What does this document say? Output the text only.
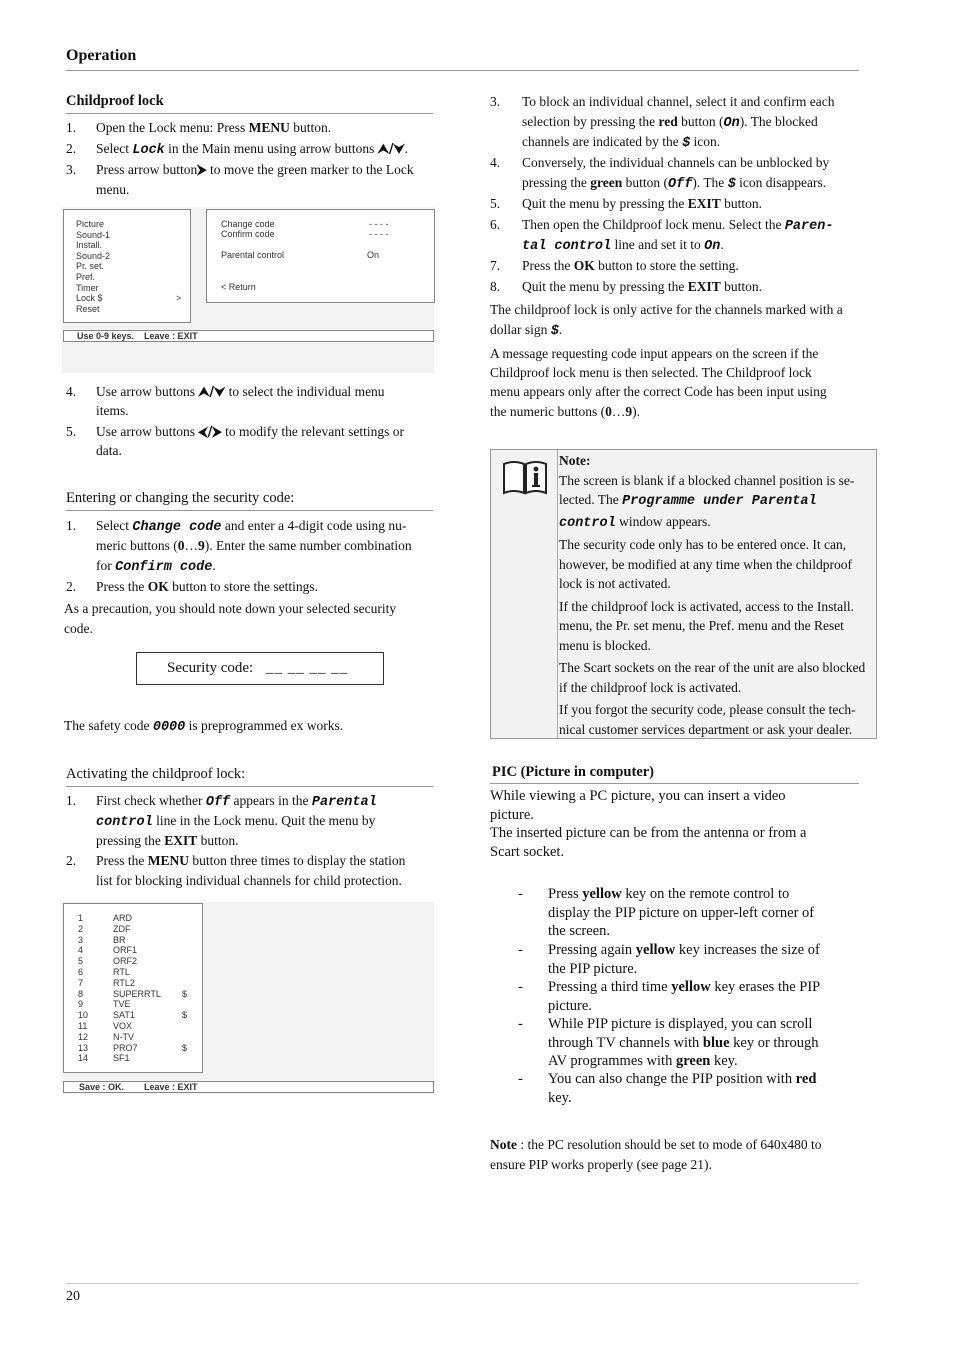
Operation
Childproof lock
1. Open the Lock menu: Press MENU button.
2. Select Lock in the Main menu using arrow buttons ⮝/⮟.
3. Press arrow button⮞ to move the green marker to the Lock
menu.
Picture
Sound-1
Install.
Sound-2
Pr. set.
Pref.
Timer
Lock $
Reset
>
Change code	- - - -
Confirm code	- - - -
Parental control	On
< Return
Use 0-9 keys.    Leave : EXIT
4. Use arrow buttons ⮝/⮟ to select the individual menu
items.
5. Use arrow buttons ⮜/⮞ to modify the relevant settings or
data.
Entering or changing the security code:
1. Select Change code and enter a 4-digit code using nu-
meric buttons (0…9). Enter the same number combination
for Confirm code.
2. Press the OK button to store the settings.
As a precaution, you should note down your selected security
code.
Security code: __ __ __ __
The safety code 0000 is preprogrammed ex works.
Activating the childproof lock:
1. First check whether Off appears in the Parental
control line in the Lock menu. Quit the menu by
pressing the EXIT button.
2. Press the MENU button three times to display the station
list for blocking individual channels for child protection.
1	ARD
2	ZDF
3	BR
4	ORF1
5	ORF2
6	RTL
7	RTL2
8	SUPERRTL $
9	TVE
10	SAT1	$
11	VOX
12	N-TV
13	PRO7	$
14	SF1
Save : OK.        Leave : EXIT
3. To block an individual channel, select it and confirm each
selection by pressing the red button (On). The blocked
channels are indicated by the $ icon.
4. Conversely, the individual channels can be unblocked by
pressing the green button (Off). The $ icon disappears.
5. Quit the menu by pressing the EXIT button.
6. Then open the Childproof lock menu. Select the Paren-
tal control line and set it to On.
7. Press the OK button to store the setting.
8. Quit the menu by pressing the EXIT button.
The childproof lock is only active for the channels marked with a
dollar sign $.
A message requesting code input appears on the screen if the
Childproof lock menu is then selected. The Childproof lock
menu appears only after the correct Code has been input using
the numeric buttons (0…9).
Note:
The screen is blank if a blocked channel position is se-
lected. The Programme under Parental
control window appears.
The security code only has to be entered once. It can,
however, be modified at any time when the childproof
lock is not activated.
If the childproof lock is activated, access to the Install.
menu, the Pr. set menu, the Pref. menu and the Reset
menu is blocked.
The Scart sockets on the rear of the unit are also blocked
if the childproof lock is activated.
If you forgot the security code, please consult the tech-
nical customer services department or ask your dealer.
PIC (Picture in computer)
While viewing a PC picture, you can insert a video
picture.
The inserted picture can be from the antenna or from a
Scart socket.
- Press yellow key on the remote control to
display the PIP picture on upper-left corner of
the screen.
- Pressing again yellow key increases the size of
the PIP picture.
- Pressing a third time yellow key erases the PIP
picture.
- While PIP picture is displayed, you can scroll
through TV channels with blue key or through
AV programmes with green key.
- You can also change the PIP position with red
key.
Note : the PC resolution should be set to mode of 640x480 to
ensure PIP works properly (see page 21).
20
